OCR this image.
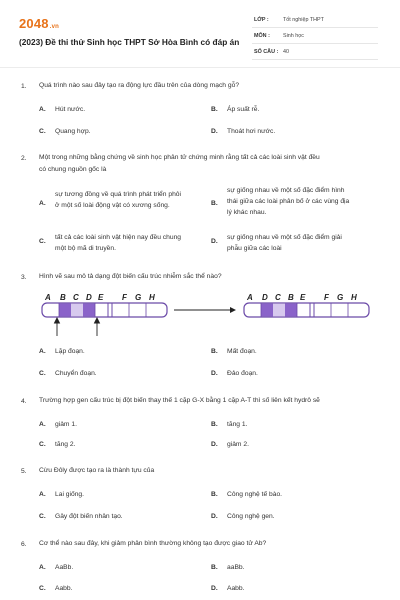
2048.vn
(2023) Đề thi thử Sinh học THPT Sở Hòa Bình có đáp án
LỚP :	Tốt nghiệp THPT
MÔN : Sinh học
SỐ CÂU : 40
1. Quá trình nào sau đây tạo ra động lực đầu trên của dòng mạch gỗ?
A. Hút nước.	B. Áp suất rễ.
C. Quang hợp.	D. Thoát hơi nước.
2. Một trong những bằng chứng về sinh học phân tử chứng minh rằng tất cả các loài sinh vật đều
có chung nguồn gốc là
A.
sự tương đồng về quá trình phát triển phôi
ở một số loài động vật có xương sống.	B.
sự giống nhau về một số đặc điểm hình
thái giữa các loài phân bố ở các vùng địa
lý khác nhau.
C.
tất cả các loài sinh vật hiện nay đều chung
một bộ mã di truyền.
D.
sự giống nhau về một số đặc điểm giải
phẫu giữa các loài
3. Hình vẽ sau mô tả dạng đột biến cấu trúc nhiễm sắc thể nào?
A B C D E F G H	A D C B E F G H
A. Lặp đoạn.	B. Mất đoạn.
C. Chuyển đoạn.	D. Đảo đoạn.
4. Trường hợp gen cấu trúc bị đột biến thay thế 1 cặp G-X bằng 1 cặp A-T thì số liên kết hydrô sẽ
A. giảm 1.	B. tăng 1.
C. tăng 2.	D. giảm 2.
5. Cừu Đôly được tạo ra là thành tựu của
A. Lai giống.	B. Công nghệ tế bào.
C. Gây đột biến nhân tạo.	D. Công nghệ gen.
6. Cơ thể nào sau đây, khi giảm phân bình thường không tạo được giao tử Ab?
A. AaBb.	B. aaBb.
C. Aabb.	D. Aabb.
